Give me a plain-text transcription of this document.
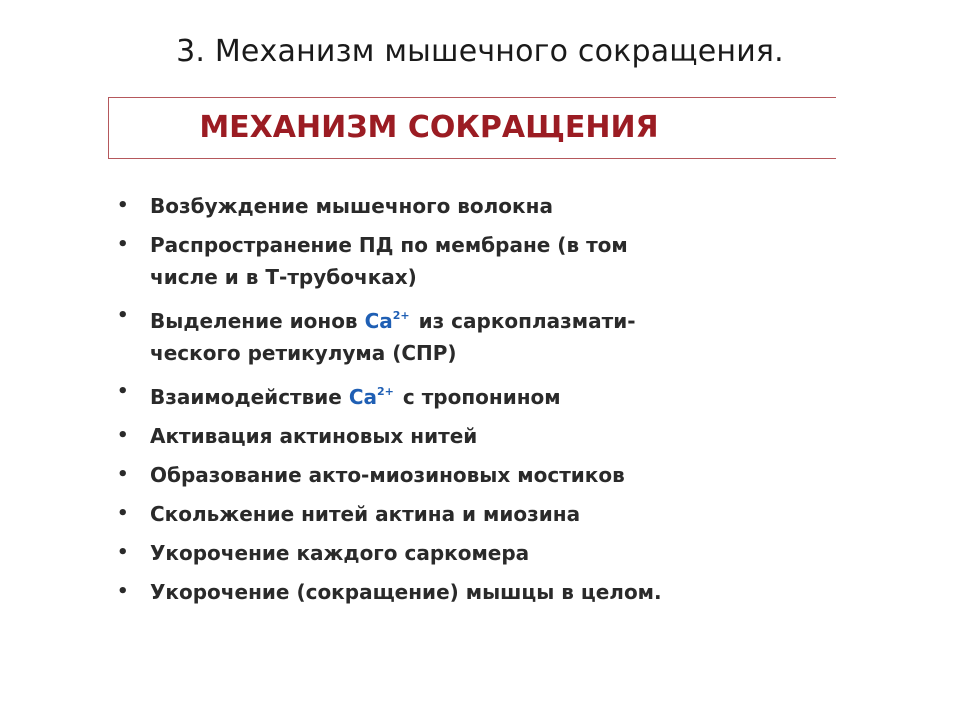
3. Механизм мышечного сокращения.
МЕХАНИЗМ СОКРАЩЕНИЯ
• Возбуждение мышечного волокна
• Распространение ПД по мембране (в том
числе и в Т-трубочках)
• Выделение ионов $Ca^{2+}$ из саркоплазмати-
ческого ретикулума (СПР)
• Взаимодействие $Ca^{2+}$ с тропонином
• Активация актиновых нитей
• Образование акто-миозиновых мостиков
• Скольжение нитей актина и миозина
• Укорочение каждого саркомера
• Укорочение (сокращение) мышцы в целом.
